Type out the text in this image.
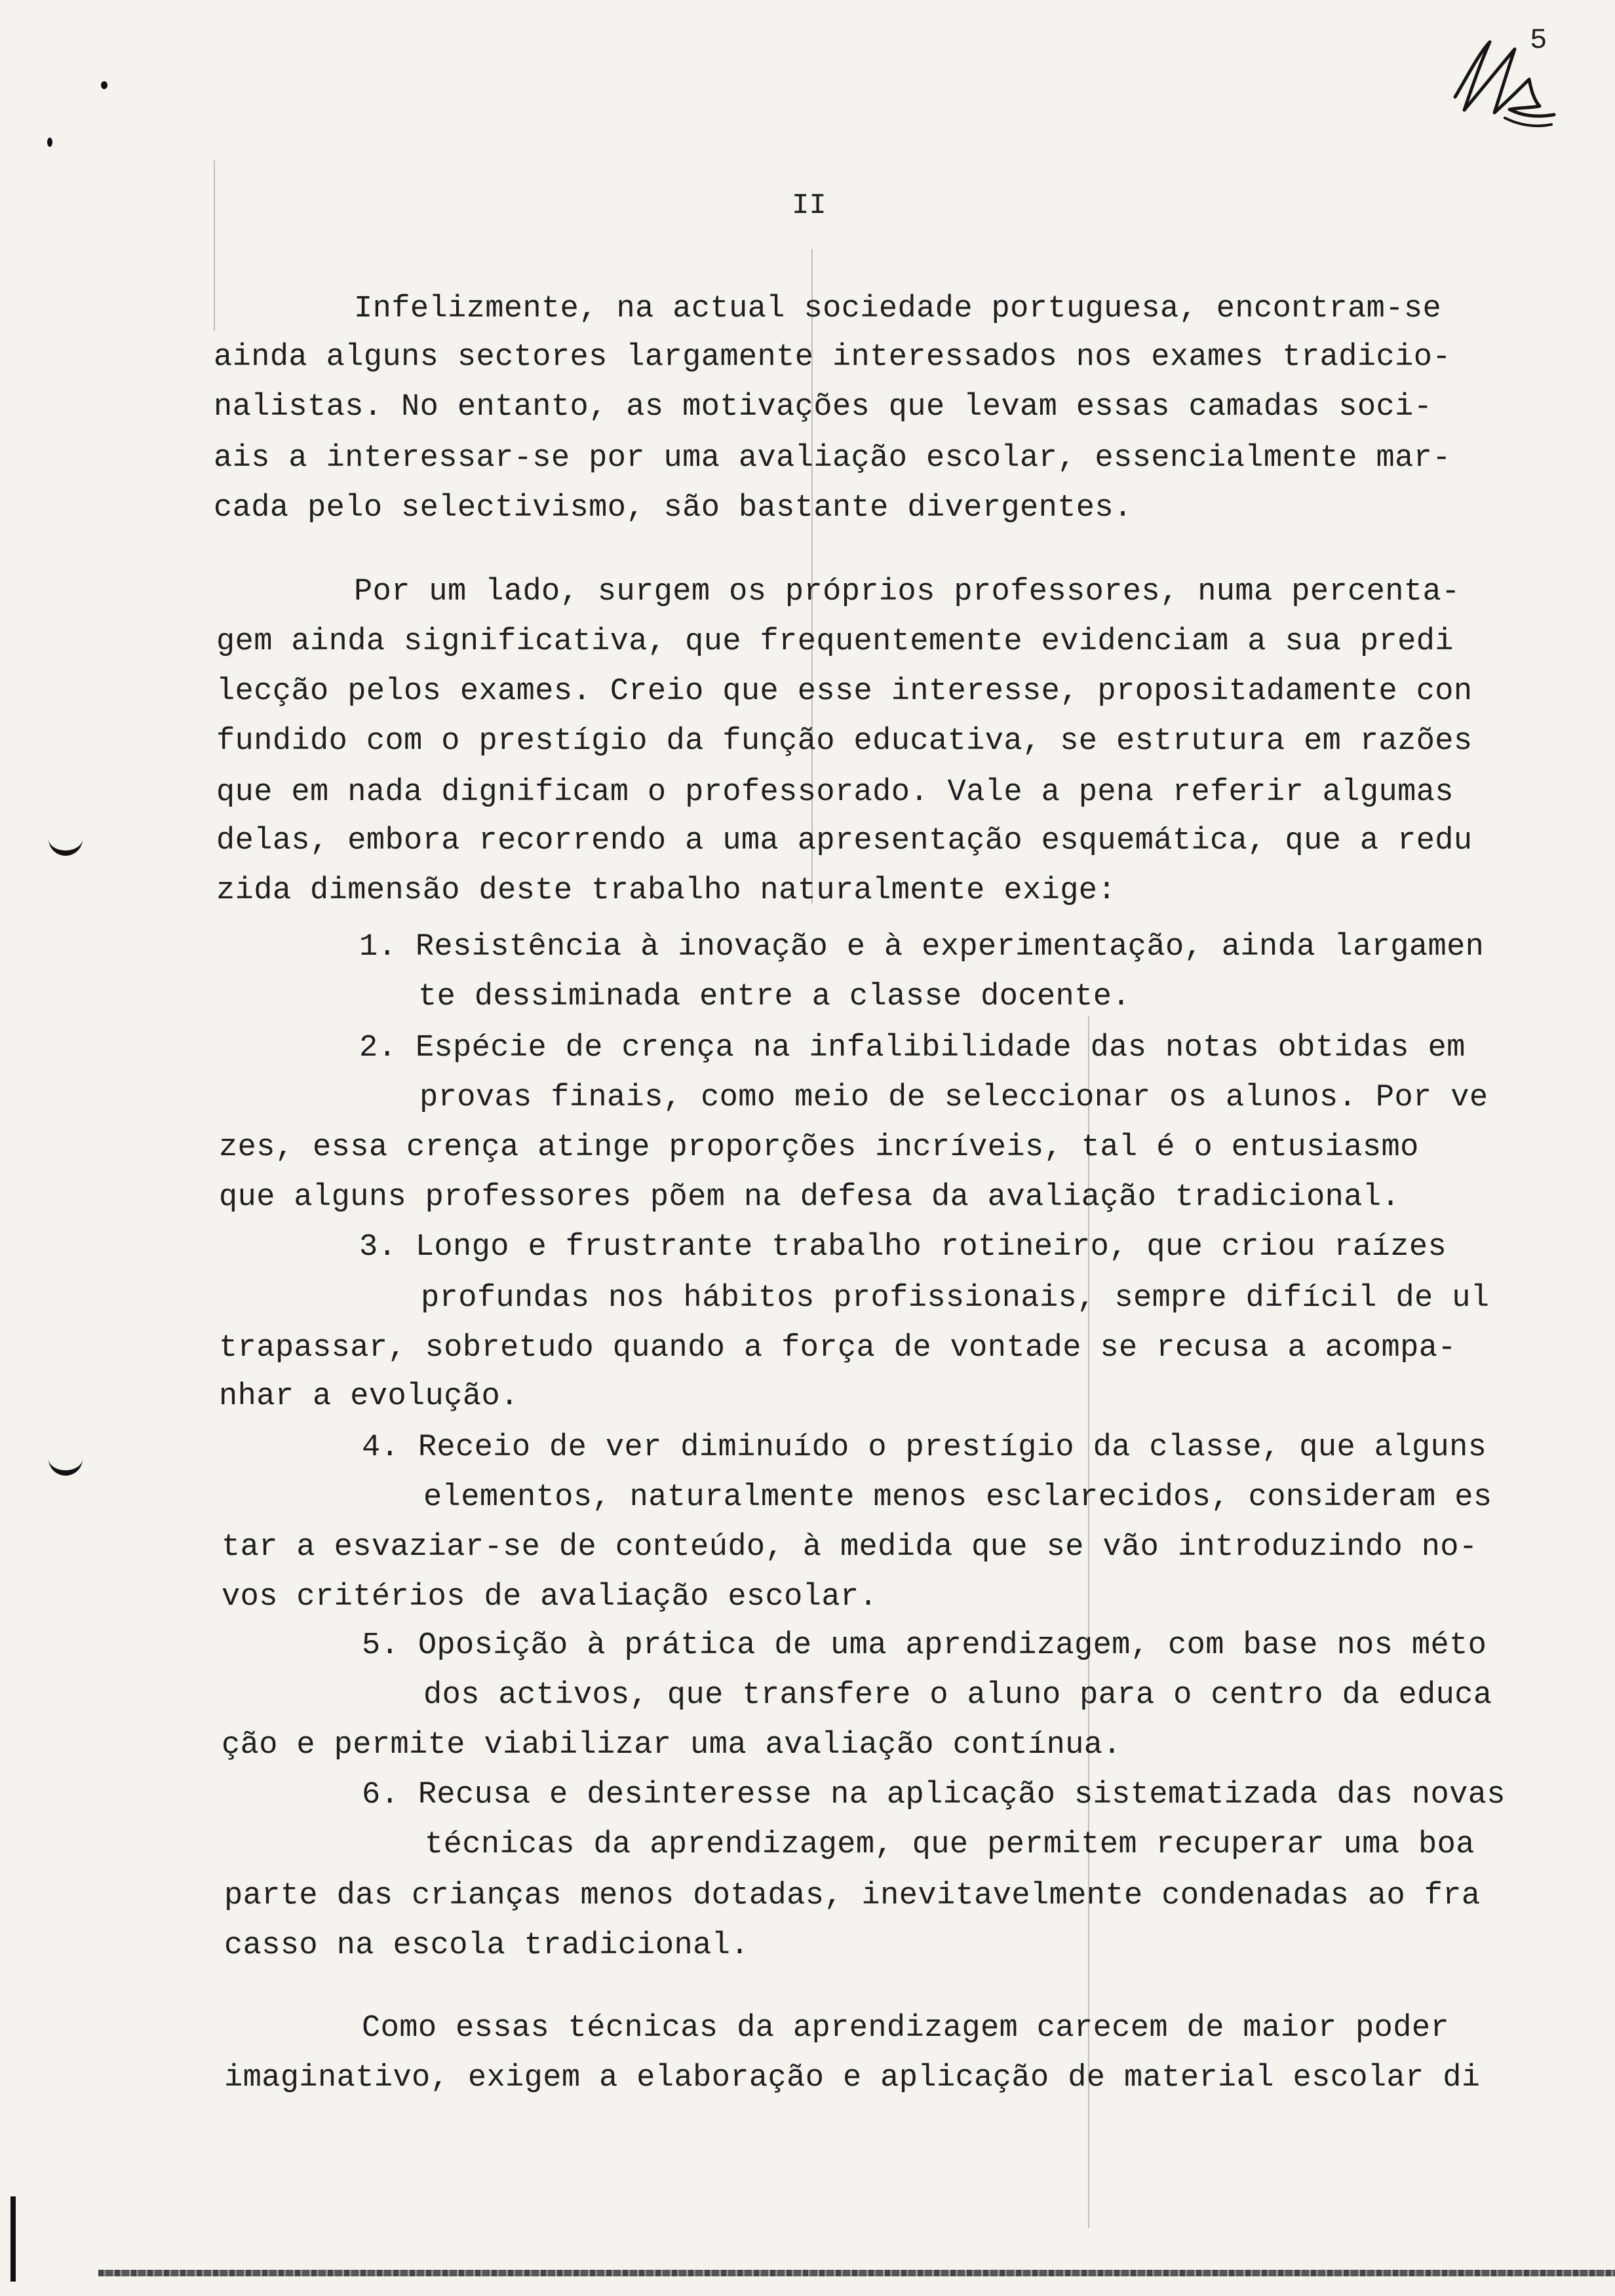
5
II
Infelizmente, na actual sociedade portuguesa, encontram-se
ainda alguns sectores largamente interessados nos exames tradicio-
nalistas. No entanto, as motivações que levam essas camadas soci-
ais a interessar-se por uma avaliação escolar, essencialmente mar-
cada pelo selectivismo, são bastante divergentes.
Por um lado, surgem os próprios professores, numa percenta-
gem ainda significativa, que frequentemente evidenciam a sua predi
lecção pelos exames. Creio que esse interesse, propositadamente con
fundido com o prestígio da função educativa, se estrutura em razões
que em nada dignificam o professorado. Vale a pena referir algumas
delas, embora recorrendo a uma apresentação esquemática, que a redu
zida dimensão deste trabalho naturalmente exige:
1. Resistência à inovação e à experimentação, ainda largamen
te dessiminada entre a classe docente.
2. Espécie de crença na infalibilidade das notas obtidas em
provas finais, como meio de seleccionar os alunos. Por ve
zes, essa crença atinge proporções incríveis, tal é o entusiasmo
que alguns professores põem na defesa da avaliação tradicional.
3. Longo e frustrante trabalho rotineiro, que criou raízes
profundas nos hábitos profissionais, sempre difícil de ul
trapassar, sobretudo quando a força de vontade se recusa a acompa-
nhar a evolução.
4. Receio de ver diminuído o prestígio da classe, que alguns
elementos, naturalmente menos esclarecidos, consideram es
tar a esvaziar-se de conteúdo, à medida que se vão introduzindo no-
vos critérios de avaliação escolar.
5. Oposição à prática de uma aprendizagem, com base nos méto
dos activos, que transfere o aluno para o centro da educa
ção e permite viabilizar uma avaliação contínua.
6. Recusa e desinteresse na aplicação sistematizada das novas
técnicas da aprendizagem, que permitem recuperar uma boa
parte das crianças menos dotadas, inevitavelmente condenadas ao fra
casso na escola tradicional.
Como essas técnicas da aprendizagem carecem de maior poder
imaginativo, exigem a elaboração e aplicação de material escolar di
